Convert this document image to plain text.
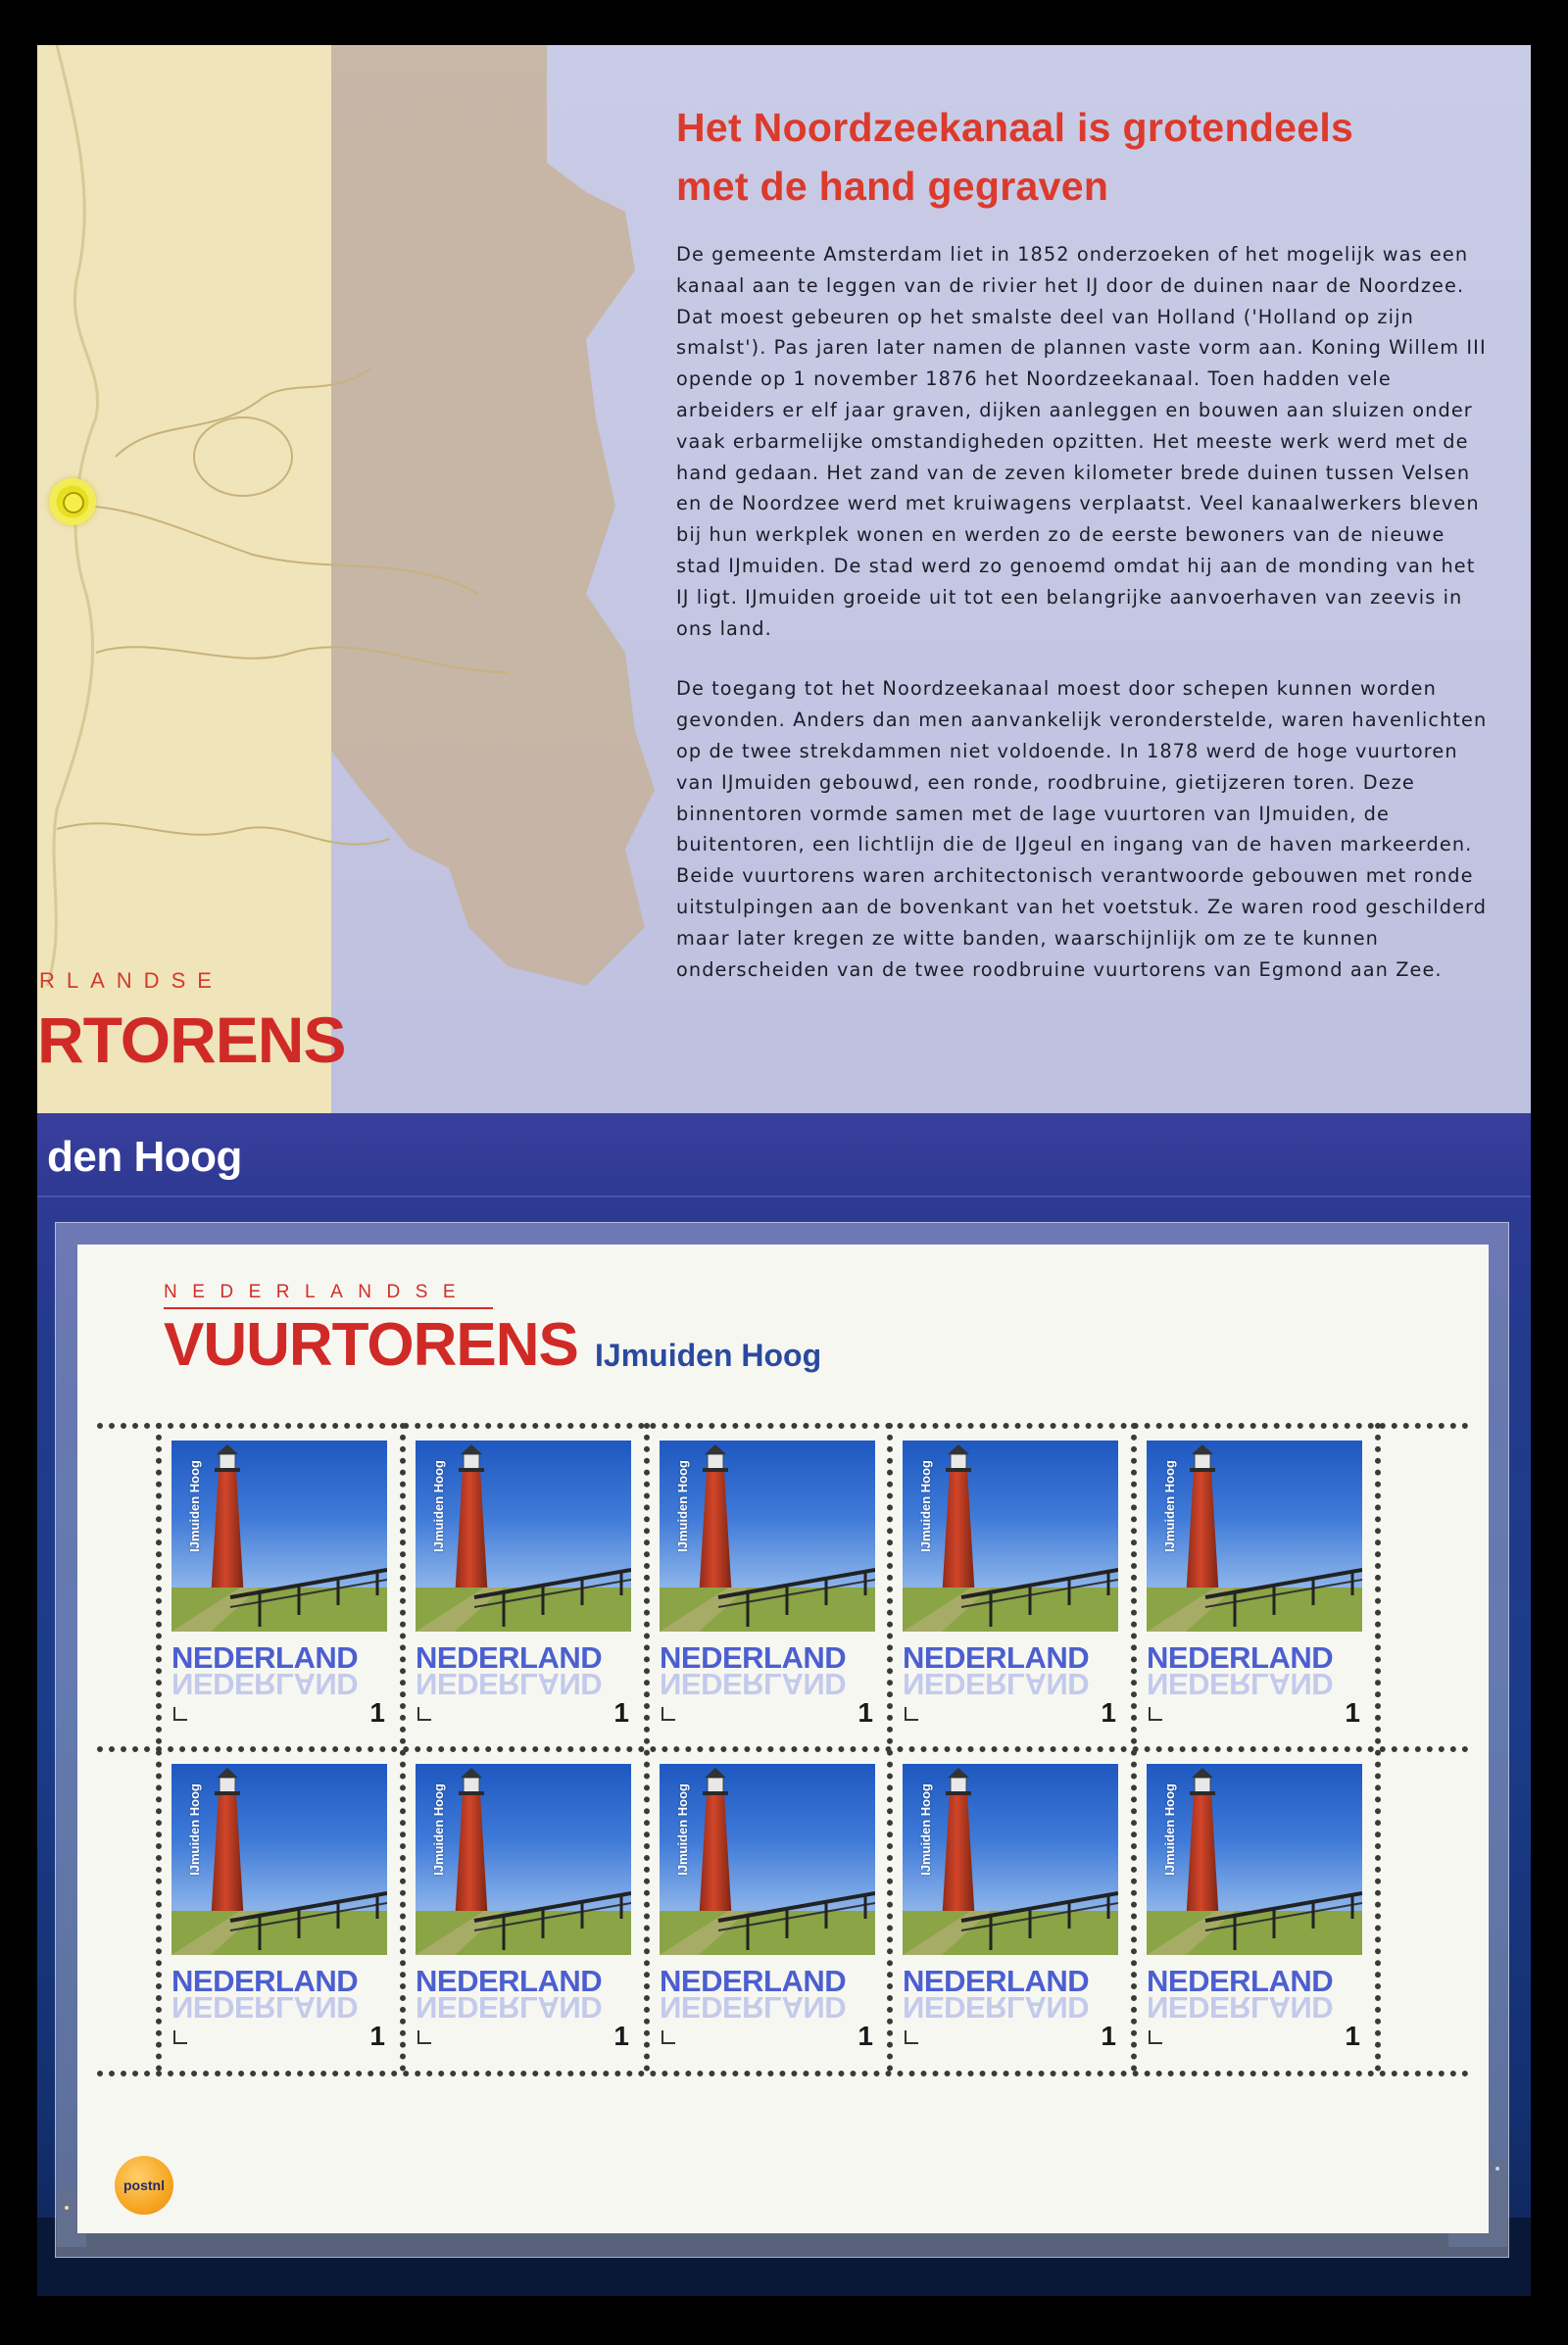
RLANDSE
RTORENS
Het Noordzeekanaal is grotendeels
met de hand gegraven

De gemeente Amsterdam liet in 1852 onderzoeken of het mogelijk was een kanaal aan te leggen van de rivier het IJ door de duinen naar de Noordzee. Dat moest gebeuren op het smalste deel van Holland ('Holland op zijn smalst'). Pas jaren later namen de plannen vaste vorm aan. Koning Willem III opende op 1 november 1876 het Noordzeekanaal. Toen hadden vele arbeiders er elf jaar graven, dijken aanleggen en bouwen aan sluizen onder vaak erbarmelijke omstandigheden opzitten. Het meeste werk werd met de hand gedaan. Het zand van de zeven kilometer brede duinen tussen Velsen en de Noordzee werd met kruiwagens verplaatst. Veel kanaalwerkers bleven bij hun werkplek wonen en werden zo de eerste bewoners van de nieuwe stad IJmuiden. De stad werd zo genoemd omdat hij aan de monding van het IJ ligt. IJmuiden groeide uit tot een belangrijke aanvoerhaven van zeevis in ons land.

De toegang tot het Noordzeekanaal moest door schepen kunnen worden gevonden. Anders dan men aanvankelijk veronderstelde, waren havenlichten op de twee strekdammen niet voldoende. In 1878 werd de hoge vuurtoren van IJmuiden gebouwd, een ronde, roodbruine, gietijzeren toren. Deze binnentoren vormde samen met de lage vuurtoren van IJmuiden, de buitentoren, een lichtlijn die de IJgeul en ingang van de haven markeerden. Beide vuurtorens waren architectonisch verantwoorde gebouwen met ronde uitstulpingen aan de bovenkant van het voetstuk. Ze waren rood geschilderd maar later kregen ze witte banden, waarschijnlijk om ze te kunnen onderscheiden van de twee roodbruine vuurtorens van Egmond aan Zee.

den Hoog
NEDERLANDSE
VUURTORENS IJmuiden Hoog
IJmuiden Hoog
NEDERLAND
NEDERLAND
1
IJmuiden Hoog
NEDERLAND
NEDERLAND
1
IJmuiden Hoog
NEDERLAND
NEDERLAND
1
IJmuiden Hoog
NEDERLAND
NEDERLAND
1
IJmuiden Hoog
NEDERLAND
NEDERLAND
1
IJmuiden Hoog
NEDERLAND
NEDERLAND
1
IJmuiden Hoog
NEDERLAND
NEDERLAND
1
IJmuiden Hoog
NEDERLAND
NEDERLAND
1
IJmuiden Hoog
NEDERLAND
NEDERLAND
1
IJmuiden Hoog
NEDERLAND
NEDERLAND
1
postnl
